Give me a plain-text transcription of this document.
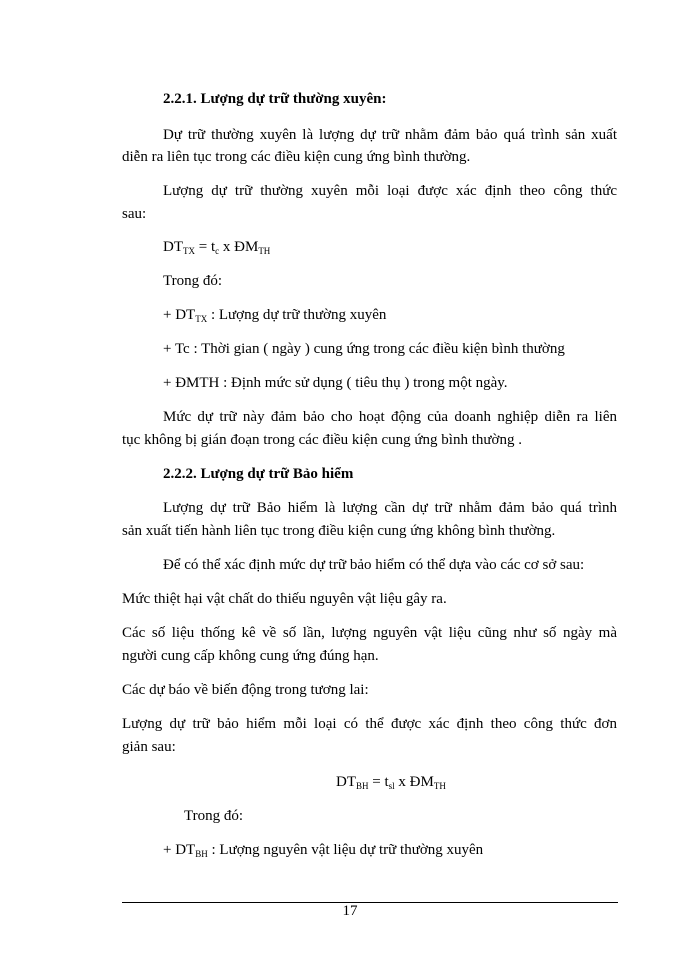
2.2.1. Lượng dự trữ thường xuyên:
Dự trữ thường xuyên là lượng dự trữ nhằm đảm bảo quá trình sản xuất
diễn ra liên tục trong các điều kiện cung ứng bình thường.
Lượng dự trữ thường xuyên mỗi loại được xác định theo công thức
sau:
$DT_{TX} = t_c$ x $ĐM_{TH}$
Trong đó:
+ $DT_{TX}$ : Lượng dự trữ thường xuyên
+ Tc : Thời gian ( ngày ) cung ứng trong các điều kiện bình thường
+ ĐMTH : Định mức sử dụng ( tiêu thụ ) trong một ngày.
Mức dự trữ này đảm bảo cho hoạt động của doanh nghiệp diễn ra liên
tục không bị gián đoạn trong các điều kiện cung ứng bình thường .
2.2.2. Lượng dự trữ Bảo hiểm
Lượng dự trữ Bảo hiểm là lượng cần dự trữ nhằm đảm bảo quá trình
sản xuất tiến hành liên tục trong điều kiện cung ứng không bình thường.
Để có thể xác định mức dự trữ bảo hiểm có thể dựa vào các cơ sở sau:
Mức thiệt hại vật chất do thiếu nguyên vật liệu gây ra.
Các số liệu thống kê về số lần, lượng nguyên vật liệu cũng như số ngày mà
người cung cấp không cung ứng đúng hạn.
Các dự báo về biến động trong tương lai:
Lượng dự trữ bảo hiểm mỗi loại có thể được xác định theo công thức đơn
giản sau:
$DT_{BH} = t_{sl}$ x $ĐM_{TH}$
Trong đó:
+ $DT_{BH}$ : Lượng nguyên vật liệu dự trữ thường xuyên
17
